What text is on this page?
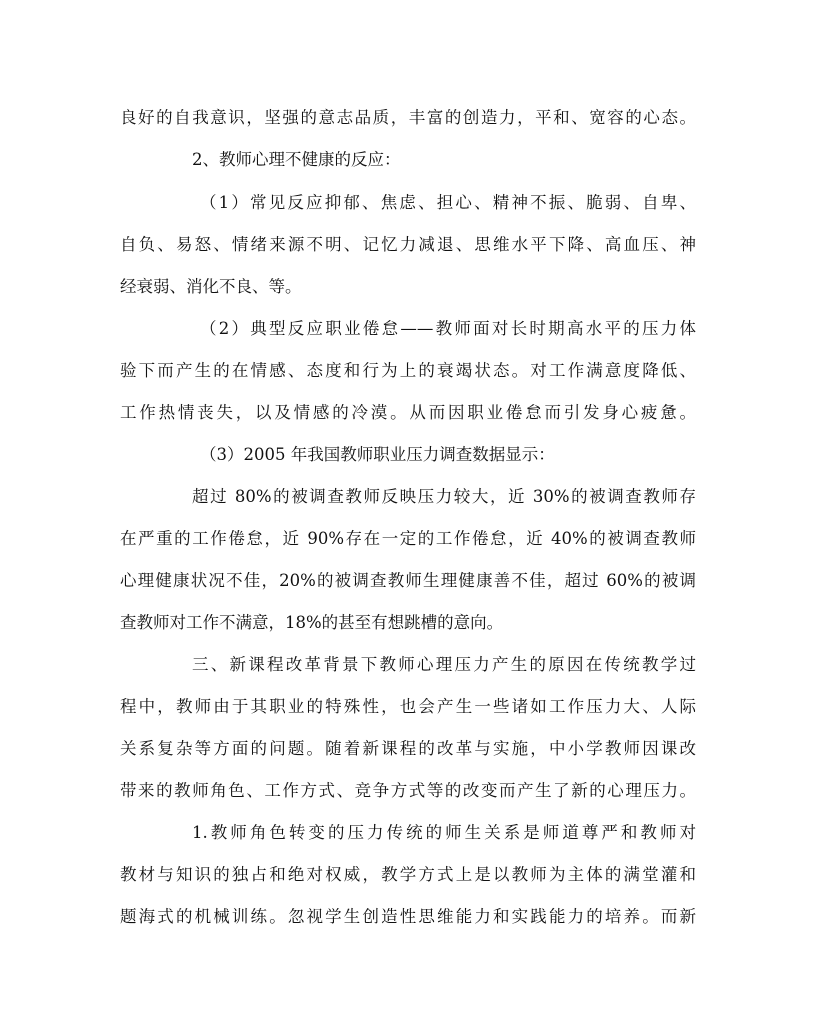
良好的自我意识，坚强的意志品质，丰富的创造力，平和、宽容的心态。
2、教师心理不健康的反应：
（1）常见反应抑郁、焦虑、担心、精神不振、脆弱、自卑、
自负、易怒、情绪来源不明、记忆力减退、思维水平下降、高血压、神
经衰弱、消化不良、等。
（2）典型反应职业倦怠——教师面对长时期高水平的压力体
验下而产生的在情感、态度和行为上的衰竭状态。对工作满意度降低、
工作热情丧失，以及情感的冷漠。从而因职业倦怠而引发身心疲惫。
（3）2005 年我国教师职业压力调查数据显示：
超过 80%的被调查教师反映压力较大，近 30%的被调查教师存
在严重的工作倦怠，近 90%存在一定的工作倦怠，近 40%的被调查教师
心理健康状况不佳，20%的被调查教师生理健康善不佳，超过 60%的被调
查教师对工作不满意，18%的甚至有想跳槽的意向。
三、新课程改革背景下教师心理压力产生的原因在传统教学过
程中，教师由于其职业的特殊性，也会产生一些诸如工作压力大、人际
关系复杂等方面的问题。随着新课程的改革与实施，中小学教师因课改
带来的教师角色、工作方式、竞争方式等的改变而产生了新的心理压力。
1.教师角色转变的压力传统的师生关系是师道尊严和教师对
教材与知识的独占和绝对权威，教学方式上是以教师为主体的满堂灌和
题海式的机械训练。忽视学生创造性思维能力和实践能力的培养。而新
